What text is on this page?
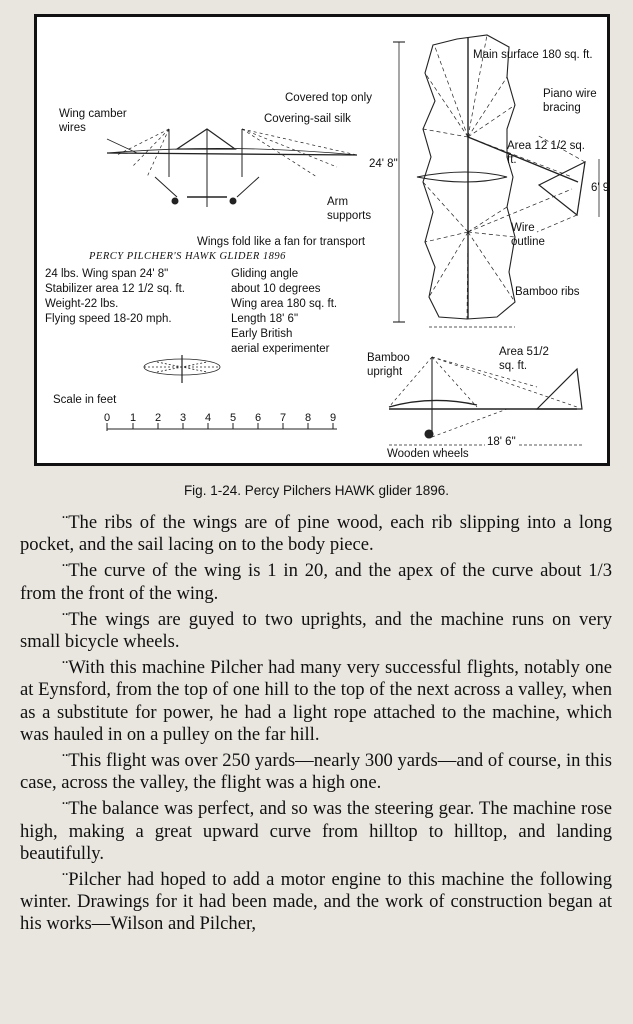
Wing camber wires
Covered top only
Covering-sail silk
Main surface 180 sq. ft.
Piano wire bracing
Area 12 1/2 sq. ft.
24' 8"
6' 9
Arm supports
Wire outline
Wings fold like a fan for transport
PERCY PILCHER'S HAWK GLIDER 1896
Bamboo ribs
24 lbs. Wing span 24' 8"
Stabilizer area 12 1/2 sq. ft.
Weight-22 lbs.
Flying speed 18-20 mph.
Gliding angle
about 10 degrees
Wing area 180 sq. ft.
Length 18' 6"
Early British
aerial experimenter
Bamboo upright
Area 51/2 sq. ft.
18' 6"
Wooden wheels
Scale in feet
0 1 2 3 4 5 6 7 8 9
Fig. 1-24. Percy Pilchers HAWK glider 1896.

¨The ribs of the wings are of pine wood, each rib slipping into a long pocket, and the sail lacing on to the body piece.

¨The curve of the wing is 1 in 20, and the apex of the curve about 1/3 from the front of the wing.

¨The wings are guyed to two uprights, and the machine runs on very small bicycle wheels.

¨With this machine Pilcher had many very successful flights, notably one at Eynsford, from the top of one hill to the top of the next across a valley, when as a substitute for power, he had a light rope attached to the machine, which was hauled in on a pulley on the far hill.

¨This flight was over 250 yards—nearly 300 yards—and of course, in this case, across the valley, the flight was a high one.

¨The balance was perfect, and so was the steering gear. The machine rose high, making a great upward curve from hilltop to hilltop, and landing beautifully.

¨Pilcher had hoped to add a motor engine to this machine the following winter. Drawings for it had been made, and the work of construction began at his works—Wilson and Pilcher,
